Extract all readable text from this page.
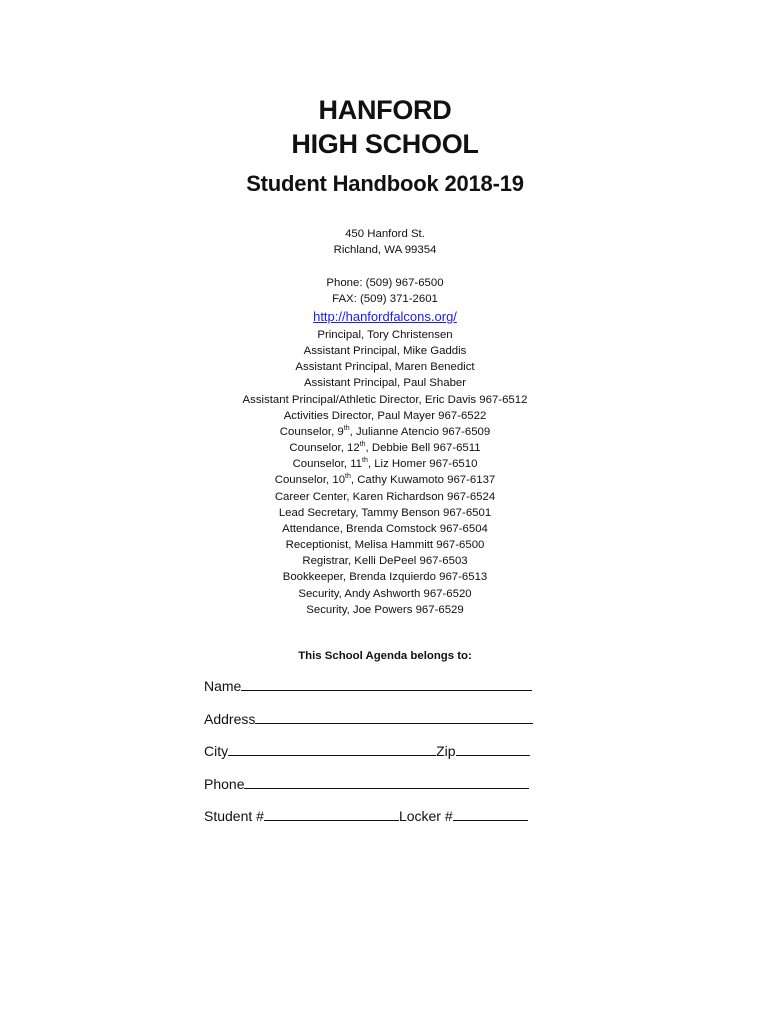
HANFORD
HIGH SCHOOL
Student Handbook 2018-19
450 Hanford St.
Richland, WA 99354
Phone: (509) 967-6500
FAX: (509) 371-2601
http://hanfordfalcons.org/
Principal, Tory Christensen
Assistant Principal, Mike Gaddis
Assistant Principal, Maren Benedict
Assistant Principal, Paul Shaber
Assistant Principal/Athletic Director, Eric Davis 967-6512
Activities Director, Paul Mayer 967-6522
Counselor, 9th, Julianne Atencio 967-6509
Counselor, 12th, Debbie Bell 967-6511
Counselor, 11th, Liz Homer 967-6510
Counselor, 10th, Cathy Kuwamoto 967-6137
Career Center, Karen Richardson 967-6524
Lead Secretary, Tammy Benson 967-6501
Attendance, Brenda Comstock 967-6504
Receptionist, Melisa Hammitt 967-6500
Registrar, Kelli DePeel 967-6503
Bookkeeper, Brenda Izquierdo 967-6513
Security, Andy Ashworth 967-6520
Security, Joe Powers 967-6529
This School Agenda belongs to:
Name
Address
City	Zip
Phone
Student #	Locker #
